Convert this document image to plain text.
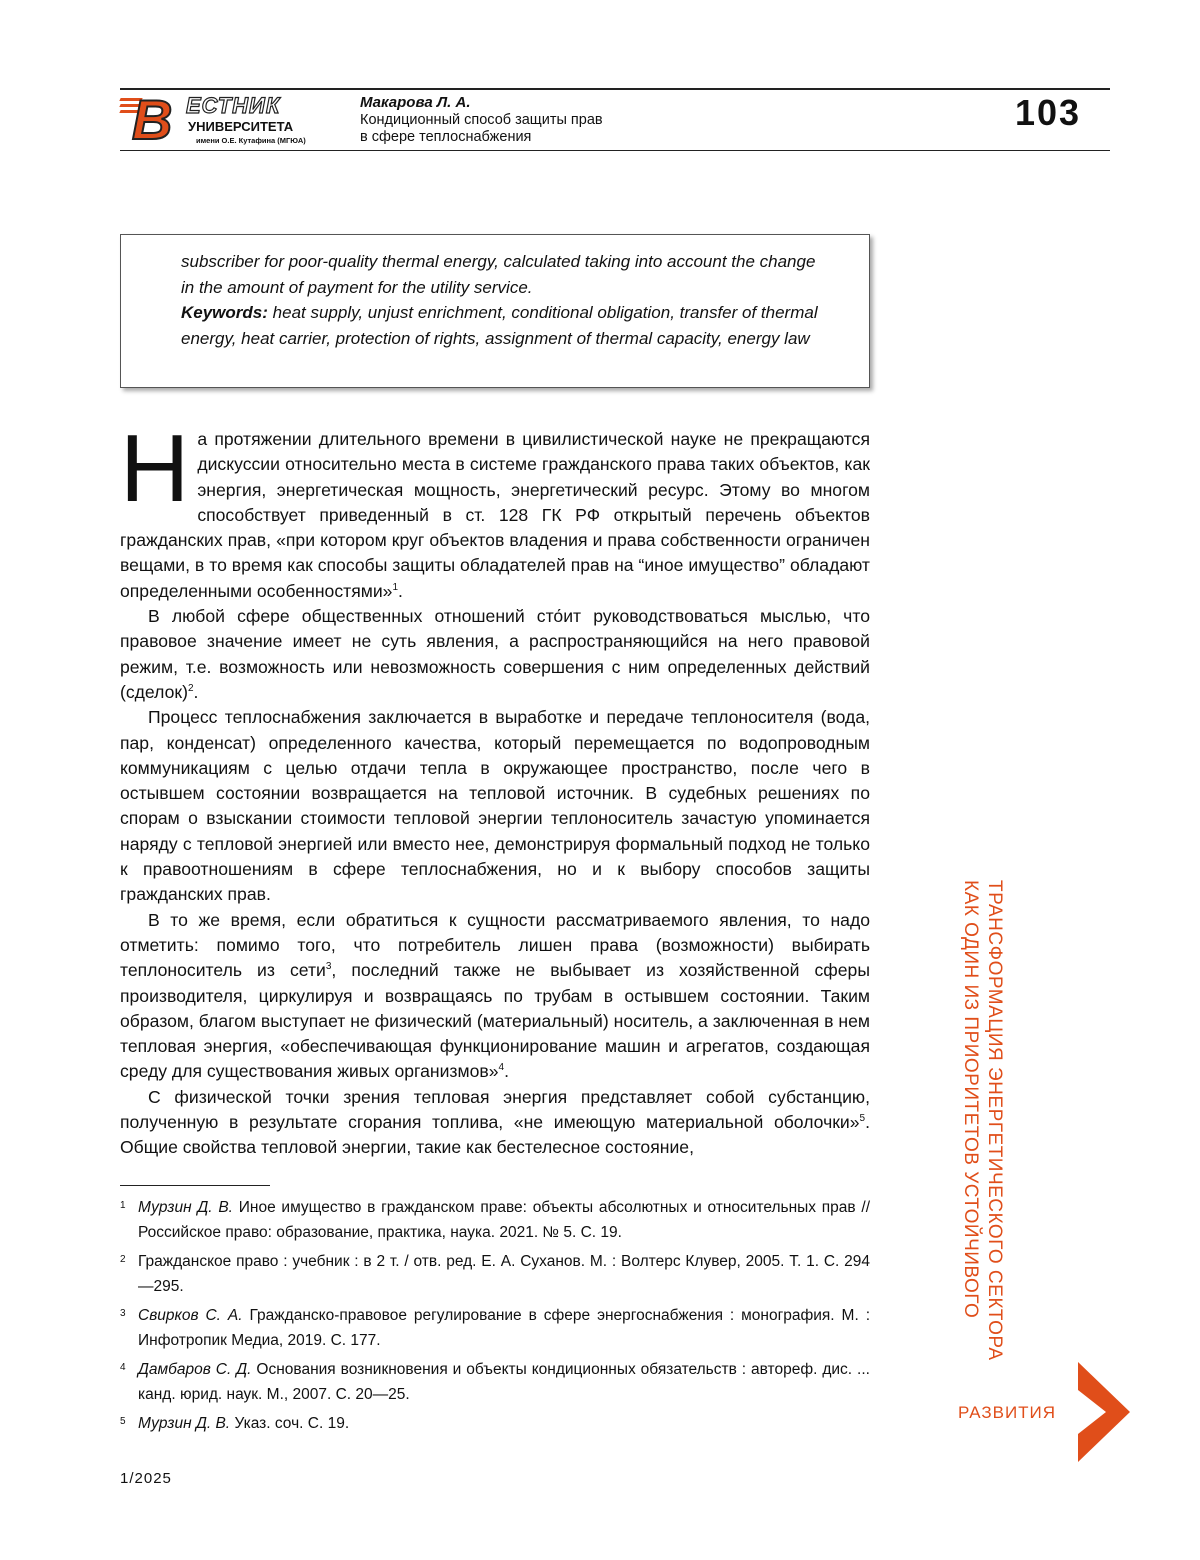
В ЕСТНИК
УНИВЕРСИТЕТА
имени О.Е. Кутафина (МГЮА)
Макарова Л. А.
Кондиционный способ защиты прав
в сфере теплоснабжения
103
subscriber for poor-quality thermal energy, calculated taking into account the change in the amount of payment for the utility service.
Keywords: heat supply, unjust enrichment, conditional obligation, transfer of thermal energy, heat carrier, protection of rights, assignment of thermal capacity, energy law

Н а протяжении длительного времени в цивилистической науке не прекращаются дискуссии относительно места в системе гражданского права таких объектов, как энергия, энергетическая мощность, энергетический ресурс. Этому во многом способствует приведенный в ст. 128 ГК РФ открытый перечень объектов гражданских прав, «при котором круг объектов владения и права собственности ограничен вещами, в то время как способы защиты обладателей прав на “иное имущество” обладают определенными особенностями»1.

В любой сфере общественных отношений сто́ит руководствоваться мыслью, что правовое значение имеет не суть явления, а распространяющийся на него правовой режим, т.е. возможность или невозможность совершения с ним определенных действий (сделок)2.

Процесс теплоснабжения заключается в выработке и передаче теплоносителя (вода, пар, конденсат) определенного качества, который перемещается по водопроводным коммуникациям с целью отдачи тепла в окружающее пространство, после чего в остывшем состоянии возвращается на тепловой источник. В судебных решениях по спорам о взыскании стоимости тепловой энергии теплоноситель зачастую упоминается наряду с тепловой энергией или вместо нее, демонстрируя формальный подход не только к правоотношениям в сфере теплоснабжения, но и к выбору способов защиты гражданских прав.

В то же время, если обратиться к сущности рассматриваемого явления, то надо отметить: помимо того, что потребитель лишен права (возможности) выбирать теплоноситель из сети3, последний также не выбывает из хозяйственной сферы производителя, циркулируя и возвращаясь по трубам в остывшем состоянии. Таким образом, благом выступает не физический (материальный) носитель, а заключенная в нем тепловая энергия, «обеспечивающая функционирование машин и агрегатов, создающая среду для существования живых организмов»4.

С физической точки зрения тепловая энергия представляет собой субстанцию, полученную в результате сгорания топлива, «не имеющую материальной оболочки»5. Общие свойства тепловой энергии, такие как бестелесное состояние,

1 Мурзин Д. В. Иное имущество в гражданском праве: объекты абсолютных и относительных прав // Российское право: образование, практика, наука. 2021. № 5. С. 19.
2 Гражданское право : учебник : в 2 т. / отв. ред. Е. А. Суханов. М. : Волтерс Клувер, 2005. Т. 1. С. 294—295.
3 Свирков С. А. Гражданско-правовое регулирование в сфере энергоснабжения : монография. М. : Инфотропик Медиа, 2019. С. 177.
4 Дамбаров С. Д. Основания возникновения и объекты кондиционных обязательств : автореф. дис. ... канд. юрид. наук. М., 2007. С. 20—25.
5 Мурзин Д. В. Указ. соч. С. 19.
1/2025
ТРАНСФОРМАЦИЯ ЭНЕРГЕТИЧЕСКОГО СЕКТОРА
КАК ОДИН ИЗ ПРИОРИТЕТОВ УСТОЙЧИВОГО
РАЗВИТИЯ
